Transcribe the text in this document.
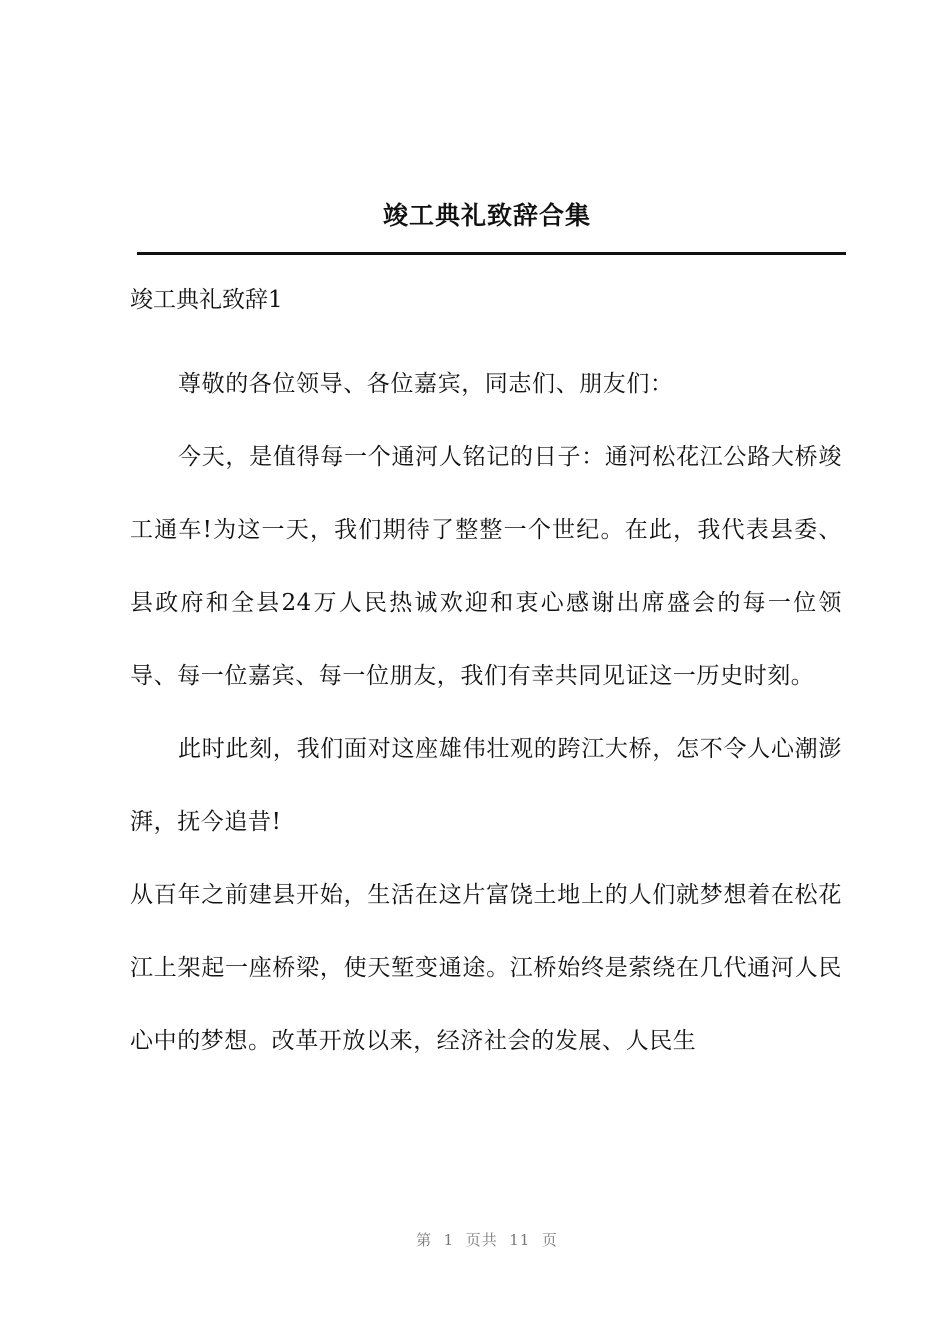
竣工典礼致辞合集

竣工典礼致辞1

尊敬的各位领导、各位嘉宾，同志们、朋友们：

今天，是值得每一个通河人铭记的日子：通河松花江公路大桥竣工通车!为这一天，我们期待了整整一个世纪。在此，我代表县委、县政府和全县24万人民热诚欢迎和衷心感谢出席盛会的每一位领导、每一位嘉宾、每一位朋友，我们有幸共同见证这一历史时刻。

此时此刻，我们面对这座雄伟壮观的跨江大桥，怎不令人心潮澎湃，抚今追昔!

从百年之前建县开始，生活在这片富饶土地上的人们就梦想着在松花江上架起一座桥梁，使天堑变通途。江桥始终是萦绕在几代通河人民心中的梦想。改革开放以来，经济社会的发展、人民生

第  1  页共  11  页
